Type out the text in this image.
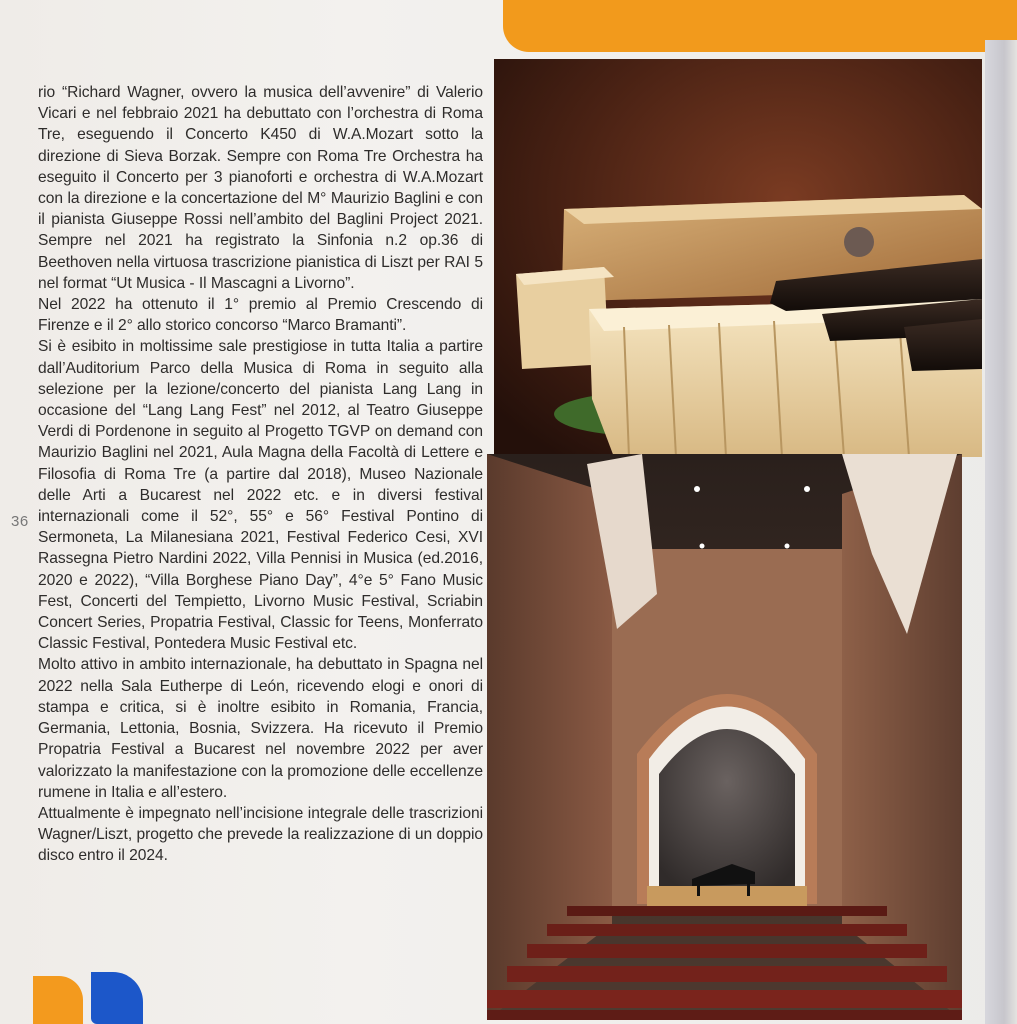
rio “Richard Wagner, ovvero la musica dell’avvenire” di Valerio Vicari e nel febbraio 2021 ha debuttato con l’orchestra di Roma Tre, eseguendo il Concerto K450 di W.A.Mozart sotto la direzione di Sieva Borzak. Sempre con Roma Tre Orchestra ha eseguito il Concerto per 3 pianoforti e orchestra di W.A.Mozart con la direzione e la concertazione del M° Maurizio Baglini e con il pianista Giuseppe Rossi nell’ambito del Baglini Project 2021. Sempre nel 2021 ha registrato la Sinfonia n.2 op.36 di Beethoven nella virtuosa trascrizione pianistica di Liszt per RAI 5 nel format “Ut Musica - Il Mascagni a Livorno”.

Nel 2022 ha ottenuto il 1° premio al Premio Crescendo di Firenze e il 2° allo storico concorso “Marco Bramanti”.

Si è esibito in moltissime sale prestigiose in tutta Italia a partire dall’Auditorium Parco della Musica di Roma in seguito alla selezione per la lezione/concerto del pianista Lang Lang in occasione del “Lang Lang Fest” nel 2012, al Teatro Giuseppe Verdi di Pordenone in seguito al Progetto TGVP on demand con Maurizio Baglini nel 2021, Aula Magna della Facoltà di Lettere e Filosofia di Roma Tre (a partire dal 2018), Museo Nazionale delle Arti a Bucarest nel 2022 etc. e in diversi festival internazionali come il 52°, 55° e 56° Festival Pontino di Sermoneta, La Milanesiana 2021, Festival Federico Cesi, XVI Rassegna Pietro Nardini 2022, Villa Pennisi in Musica (ed.2016, 2020 e 2022), “Villa Borghese Piano Day”, 4°e 5° Fano Music Fest, Concerti del Tempietto, Livorno Music Festival, Scriabin Concert Series, Propatria Festival, Classic for Teens, Monferrato Classic Festival, Pontedera Music Festival etc.

Molto attivo in ambito internazionale, ha debuttato in Spagna nel 2022 nella Sala Eutherpe di León, ricevendo elogi e onori di stampa e critica, si è inoltre esibito in Romania, Francia, Germania, Lettonia, Bosnia, Svizzera. Ha ricevuto il Premio Propatria Festival a Bucarest nel novembre 2022 per aver valorizzato la manifestazione con la promozione delle eccellenze rumene in Italia e all’estero.

Attualmente è impegnato nell’incisione integrale delle trascrizioni Wagner/Liszt, progetto che prevede la realizzazione di un doppio disco entro il 2024.

36
